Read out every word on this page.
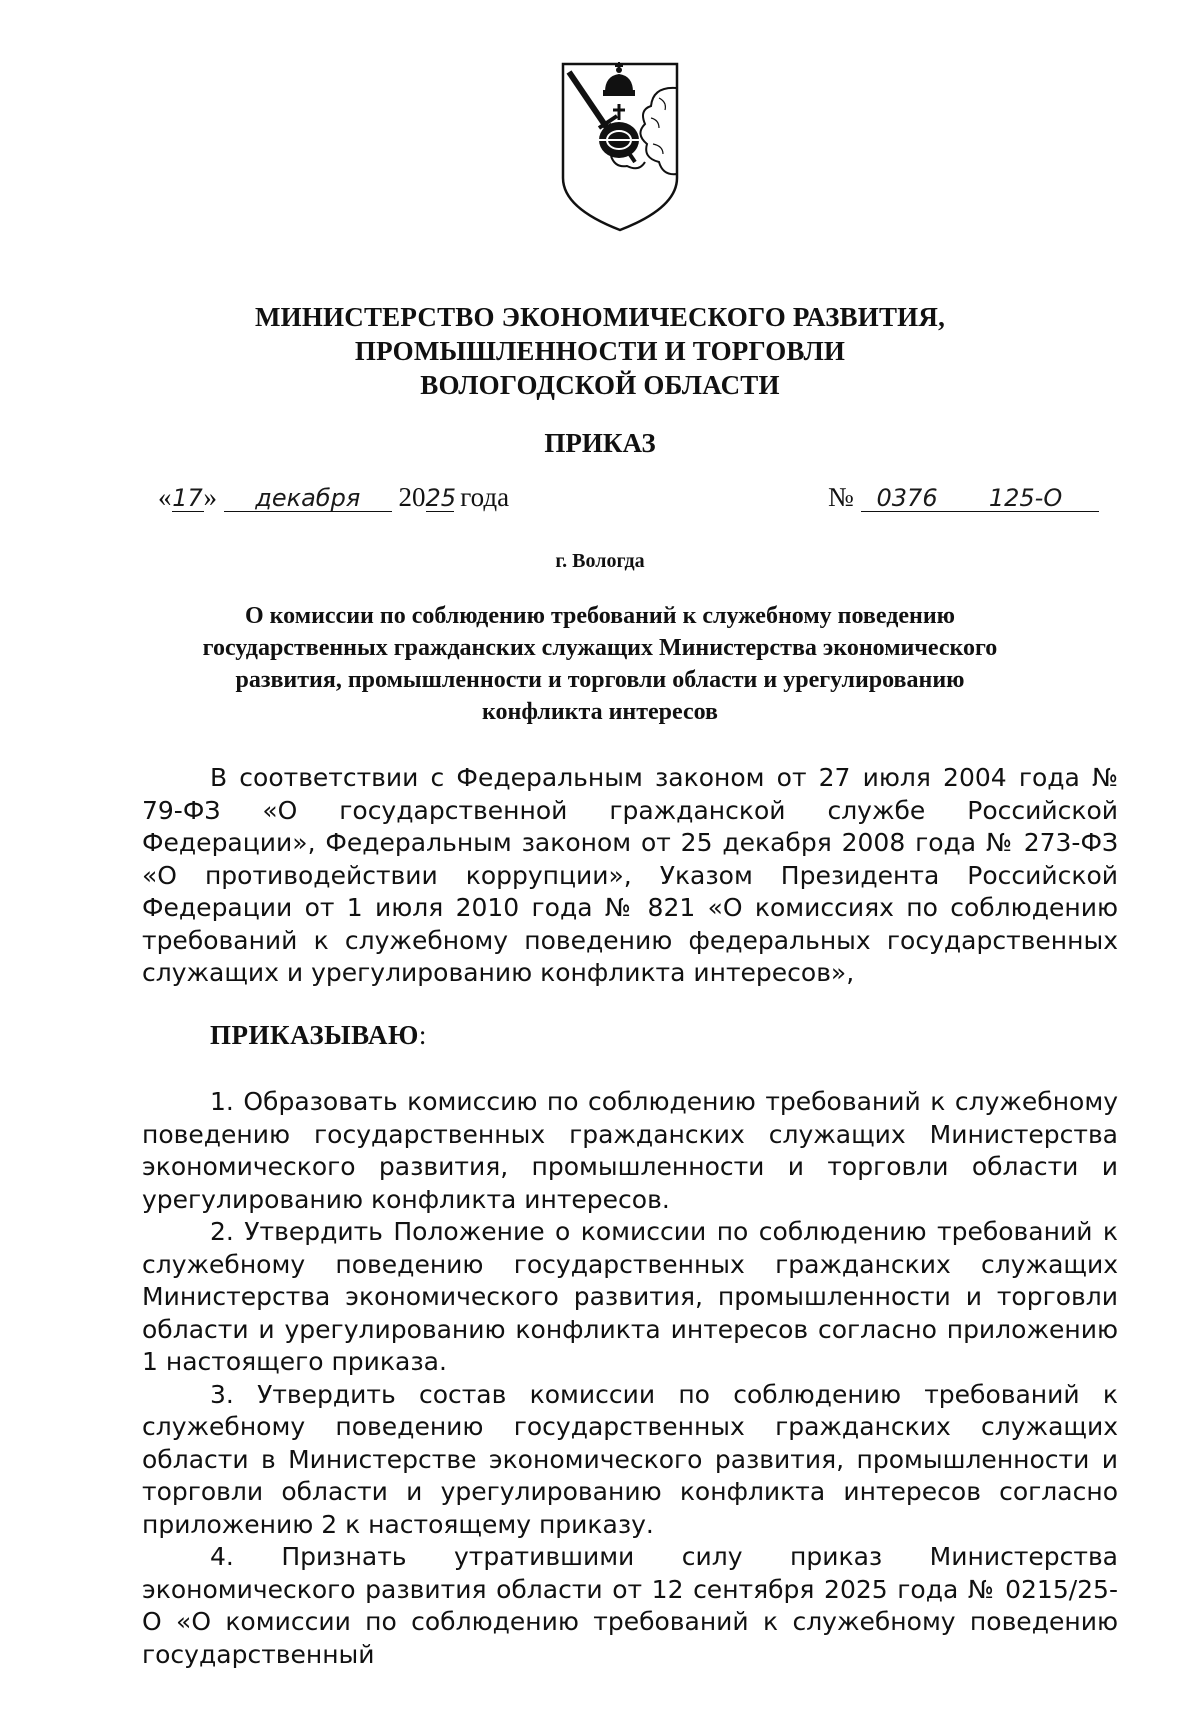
МИНИСТЕРСТВО ЭКОНОМИЧЕСКОГО РАЗВИТИЯ,
ПРОМЫШЛЕННОСТИ И ТОРГОВЛИ
ВОЛОГОДСКОЙ ОБЛАСТИ
ПРИКАЗ
«17» декабря 2025 года	№ 0376 125-О
г. Вологда
О комиссии по соблюдению требований к служебному поведению
государственных гражданских служащих Министерства экономического
развития, промышленности и торговли области и урегулированию
конфликта интересов

В соответствии с Федеральным законом от 27 июля 2004 года № 79-ФЗ «О государственной гражданской службе Российской Федерации», Федеральным законом от 25 декабря 2008 года № 273-ФЗ «О противодействии коррупции», Указом Президента Российской Федерации от 1 июля 2010 года № 821 «О комиссиях по соблюдению требований к служебному поведению федеральных государственных служащих и урегулированию конфликта интересов»,

ПРИКАЗЫВАЮ:

1. Образовать комиссию по соблюдению требований к служебному поведению государственных гражданских служащих Министерства экономического развития, промышленности и торговли области и урегулированию конфликта интересов.

2. Утвердить Положение о комиссии по соблюдению требований к служебному поведению государственных гражданских служащих Министерства экономического развития, промышленности и торговли области и урегулированию конфликта интересов согласно приложению 1 настоящего приказа.

3. Утвердить состав комиссии по соблюдению требований к служебному поведению государственных гражданских служащих области в Министерстве экономического развития, промышленности и торговли области и урегулированию конфликта интересов согласно приложению 2 к настоящему приказу.

4. Признать утратившими силу приказ Министерства экономического развития области от 12 сентября 2025 года № 0215/25-О «О комиссии по соблюдению требований к служебному поведению государственный
